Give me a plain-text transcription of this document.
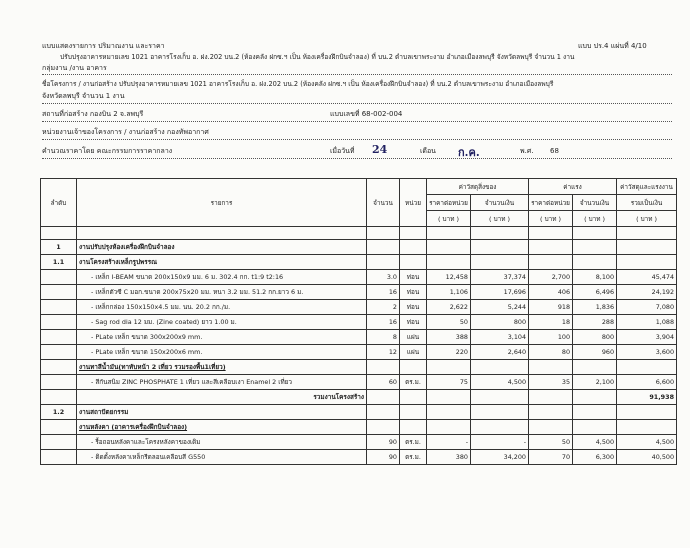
แบบแสดงรายการ ปริมาณงาน และราคา	แบบ ปร.4 แผ่นที่ 4/10
ปรับปรุงอาคารหมายเลข 1021 อาคารโรงเก็บ อ. ฝง.202 บน.2 (ห้องคลัง ฝกซ.ฯ เป็น ห้องเครื่องฝึกบินจำลอง) ที่ บน.2 ตำบลเขาพระงาม อำเภอเมืองลพบุรี จังหวัดลพบุรี จำนวน 1 งาน
กลุ่มงาน /งาน อาคาร
ชื่อโครงการ / งานก่อสร้าง ปรับปรุงอาคารหมายเลข 1021 อาคารโรงเก็บ อ. ฝง.202 บน.2 (ห้องคลัง ฝกซ.ฯ เป็น ห้องเครื่องฝึกบินจำลอง) ที่ บน.2 ตำบลเขาพระงาม อำเภอเมืองลพบุรี
จังหวัดลพบุรี จำนวน 1 งาน
สถานที่ก่อสร้าง กองบิน 2 จ.ลพบุรี	แบบเลขที่ 68-002-004
หน่วยงานเจ้าของโครงการ / งานก่อสร้าง กองทัพอากาศ
คำนวณราคาโดย คณะกรรมการราคากลาง	เมื่อวันที่ 24	เดือน ก.ค.	พ.ศ. 68
ลำดับ	รายการ	จำนวน	หน่วย	ค่าวัสดุสิ่งของ		ค่าแรง		ค่าวัสดุและแรงงาน
				ราคาต่อหน่วย	จำนวนเงิน	ราคาต่อหน่วย	จำนวนเงิน	รวมเป็นเงิน
				( บาท )	( บาท )	( บาท )	( บาท )	( บาท )

1	งานปรับปรุงห้องเครื่องฝึกบินจำลอง							
1.1	งานโครงสร้างเหล็กรูปพรรณ							
	- เหล็ก I-BEAM ขนาด 200x150x9 มม. 6 ม. 302.4 กก. t1:9 t2:16	3.0	ท่อน	12,458	37,374	2,700	8,100	45,474
	- เหล็กตัวซี C มอก.ขนาด 200x75x20 มม. หนา 3.2 มม. 51.2 กก.ยาว 6 ม.	16	ท่อน	1,106	17,696	406	6,496	24,192
	- เหล็กกล่อง 150x150x4.5 มม. นน. 20.2 กก./ม.	2	ท่อน	2,622	5,244	918	1,836	7,080
	- Sag rod dia 12 มม. (Zine coated) ยาว 1.00 ม.	16	ท่อน	50	800	18	288	1,088
	- PLate เหล็ก ขนาด 300x200x9 mm.	8	แผ่น	388	3,104	100	800	3,904
	- PLate เหล็ก ขนาด 150x200x6 mm.	12	แผ่น	220	2,640	80	960	3,600
	งานทาสีน้ำมัน(ทาทับหน้า 2 เที่ยว รวมรองพื้น1เที่ยว)							
	- สีกันสนิม ZINC PHOSPHATE 1 เที่ยว และสีเคลือบเงา Enamel 2 เที่ยว	60	ตร.ม.	75	4,500	35	2,100	6,600
	รวมงานโครงสร้าง							91,938
1.2	งานสถาปัตยกรรม							
	งานหลังคา (อาคารเครื่องฝึกบินจำลอง)							
	- รื้อถอนหลังคาและโครงหลังคาของเดิม	90	ตร.ม.	-	-	50	4,500	4,500
	- ติดตั้งหลังคาเหล็กรีดลอนเคลือบสี G550	90	ตร.ม.	380	34,200	70	6,300	40,500
